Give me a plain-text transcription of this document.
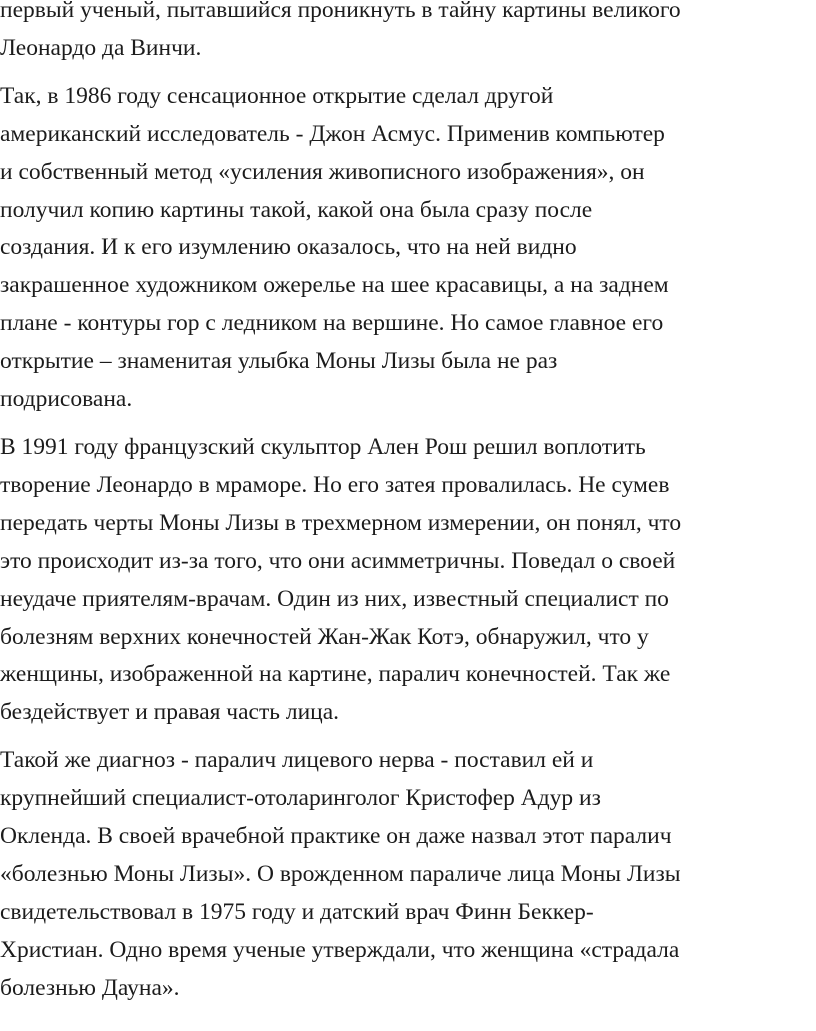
первый ученый, пытавшийся проникнуть в тайну картины великого
Леонардо да Винчи.

Так, в 1986 году сенсационное открытие сделал другой
американский исследователь - Джон Асмус. Применив компьютер
и собственный метод «усиления живописного изображения», он
получил копию картины такой, какой она была сразу после
создания. И к его изумлению оказалось, что на ней видно
закрашенное художником ожерелье на шее красавицы, а на заднем
плане - контуры гор с ледником на вершине. Но самое главное его
открытие – знаменитая улыбка Моны Лизы была не раз
подрисована.

В 1991 году французский скульптор Ален Рош решил воплотить
творение Леонардо в мраморе. Но его затея провалилась. Не сумев
передать черты Моны Лизы в трехмерном измерении, он понял, что
это происходит из-за того, что они асимметричны. Поведал о своей
неудаче приятелям-врачам. Один из них, известный специалист по
болезням верхних конечностей Жан-Жак Котэ, обнаружил, что у
женщины, изображенной на картине, паралич конечностей. Так же
бездействует и правая часть лица.

Такой же диагноз - паралич лицевого нерва - поставил ей и
крупнейший специалист-отоларинголог Кристофер Адур из
Окленда. В своей врачебной практике он даже назвал этот паралич
«болезнью Моны Лизы». О врожденном параличе лица Моны Лизы
свидетельствовал в 1975 году и датский врач Финн Беккер-
Христиан. Одно время ученые утверждали, что женщина «страдала
болезнью Дауна».
